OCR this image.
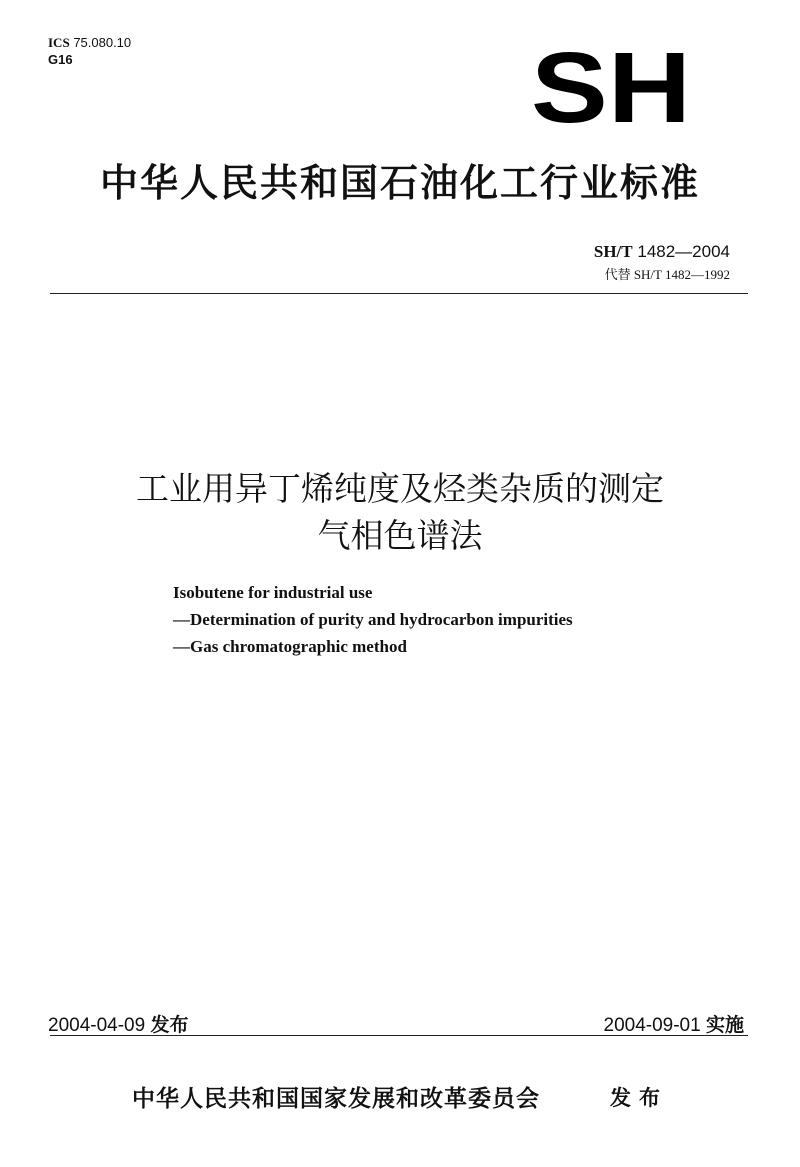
ICS 75.080.10
G16	SH
中华人民共和国石油化工行业标准
SH/T 1482—2004
代替 SH/T 1482—1992
工业用异丁烯纯度及烃类杂质的测定
气相色谱法
Isobutene for industrial use
—Determination of purity and hydrocarbon impurities
—Gas chromatographic method
2004-04-09 发布	2004-09-01 实施
中华人民共和国国家发展和改革委员会	发布
